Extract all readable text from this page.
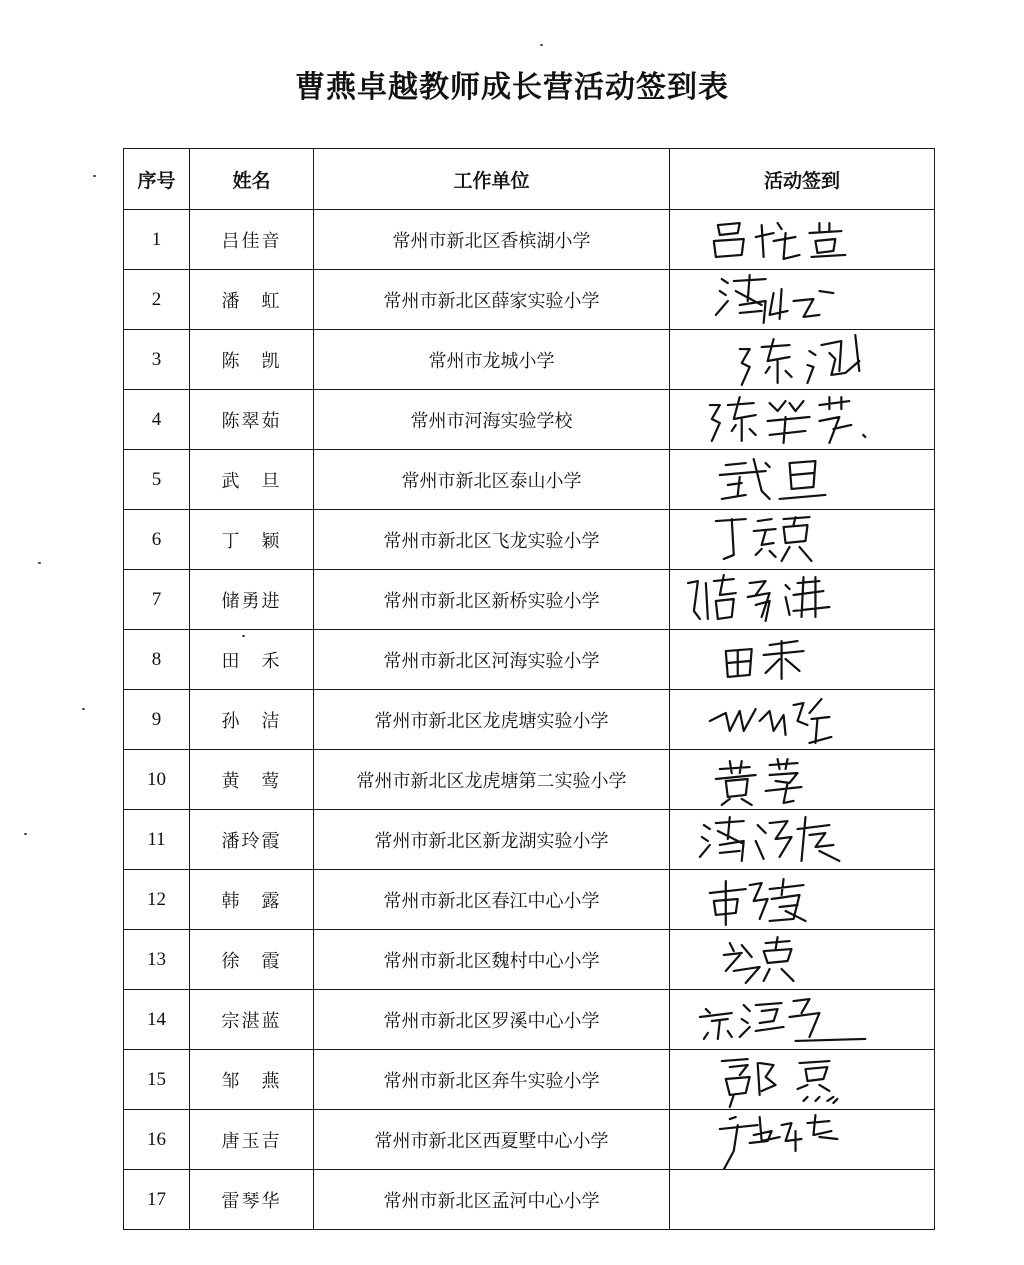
曹燕卓越教师成长营活动签到表
序号	姓名	工作单位	活动签到
1	吕佳音	常州市新北区香槟湖小学	

2	潘　虹	常州市新北区薛家实验小学	

3	陈　凯	常州市龙城小学	

4	陈翠茹	常州市河海实验学校	

5	武　旦	常州市新北区泰山小学	

6	丁　颖	常州市新北区飞龙实验小学	

7	储勇进	常州市新北区新桥实验小学	

8	田　禾	常州市新北区河海实验小学	

9	孙　洁	常州市新北区龙虎塘实验小学	

10	黄　莺	常州市新北区龙虎塘第二实验小学	

11	潘玲霞	常州市新北区新龙湖实验小学	

12	韩　露	常州市新北区春江中心小学	

13	徐　霞	常州市新北区魏村中心小学	

14	宗湛蓝	常州市新北区罗溪中心小学	

15	邹　燕	常州市新北区奔牛实验小学	

16	唐玉吉	常州市新北区西夏墅中心小学	

17	雷琴华	常州市新北区孟河中心小学	
